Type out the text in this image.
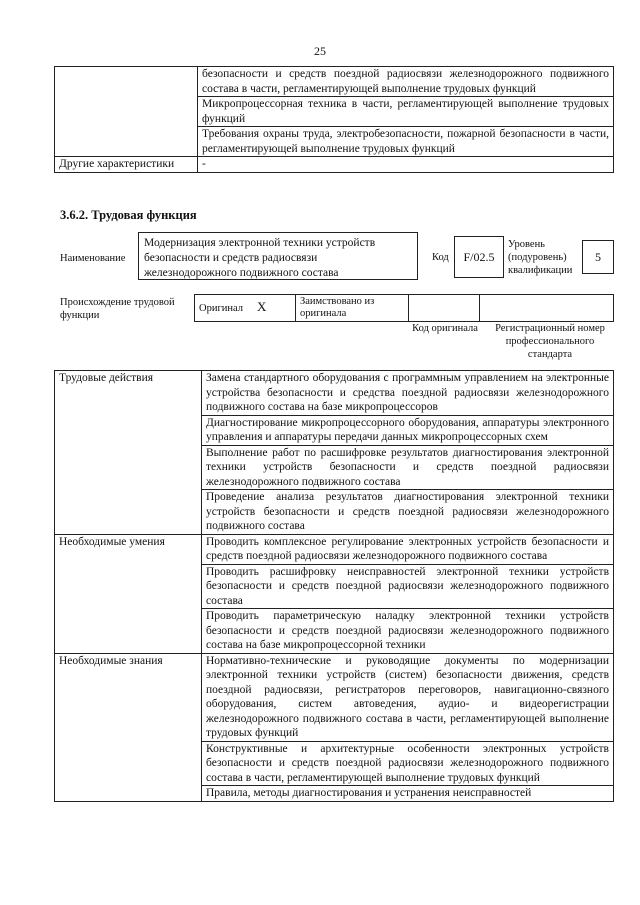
25
	безопасности и средств поездной радиосвязи железнодорожного подвижного состава в части, регламентирующей выполнение трудовых функций
	Микропроцессорная техника в части, регламентирующей выполнение трудовых функций
	Требования охраны труда, электробезопасности, пожарной безопасности в части, регламентирующей выполнение трудовых функций
Другие характеристики	-
3.6.2. Трудовая функция
Наименование
Модернизация электронной техники устройств безопасности и средств радиосвязи железнодорожного подвижного состава
Код	F/02.5
Уровень (подуровень) квалификации
5
Происхождение трудовой функции
Оригинал X	Заимствовано из оригинала		
Код оригинала	Регистрационный номер профессионального стандарта
Трудовые действия	Замена стандартного оборудования с программным управлением на электронные устройства безопасности и средства поездной радиосвязи железнодорожного подвижного состава на базе микропроцессоров
	Диагностирование микропроцессорного оборудования, аппаратуры электронного управления и аппаратуры передачи данных микропроцессорных схем
	Выполнение работ по расшифровке результатов диагностирования электронной техники устройств безопасности и средств поездной радиосвязи железнодорожного подвижного состава
	Проведение анализа результатов диагностирования электронной техники устройств безопасности и средств поездной радиосвязи железнодорожного подвижного состава
Необходимые умения	Проводить комплексное регулирование электронных устройств безопасности и средств поездной радиосвязи железнодорожного подвижного состава
	Проводить расшифровку неисправностей электронной техники устройств безопасности и средств поездной радиосвязи железнодорожного подвижного состава
	Проводить параметрическую наладку электронной техники устройств безопасности и средств поездной радиосвязи железнодорожного подвижного состава на базе микропроцессорной техники
Необходимые знания	Нормативно-технические и руководящие документы по модернизации электронной техники устройств (систем) безопасности движения, средств поездной радиосвязи, регистраторов переговоров, навигационно-связного оборудования, систем автоведения, аудио- и видеорегистрации железнодорожного подвижного состава в части, регламентирующей выполнение трудовых функций
	Конструктивные и архитектурные особенности электронных устройств безопасности и средств поездной радиосвязи железнодорожного подвижного состава в части, регламентирующей выполнение трудовых функций
	Правила, методы диагностирования и устранения неисправностей
